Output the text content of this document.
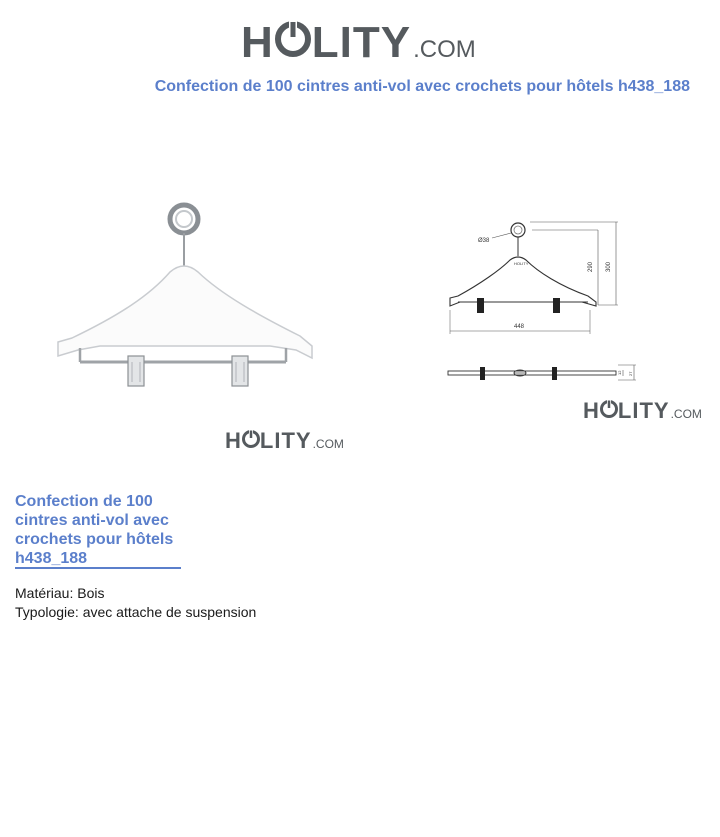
H LITY .COM
Confection de 100 cintres anti-vol avec crochets pour hôtels h438_188
H LITY .COM
Ø38
HOLITY	290 300
448
12 27
H LITY .COM
Confection de 100 cintres anti-vol avec crochets pour hôtels h438_188
Matériau: Bois
Typologie: avec attache de suspension
